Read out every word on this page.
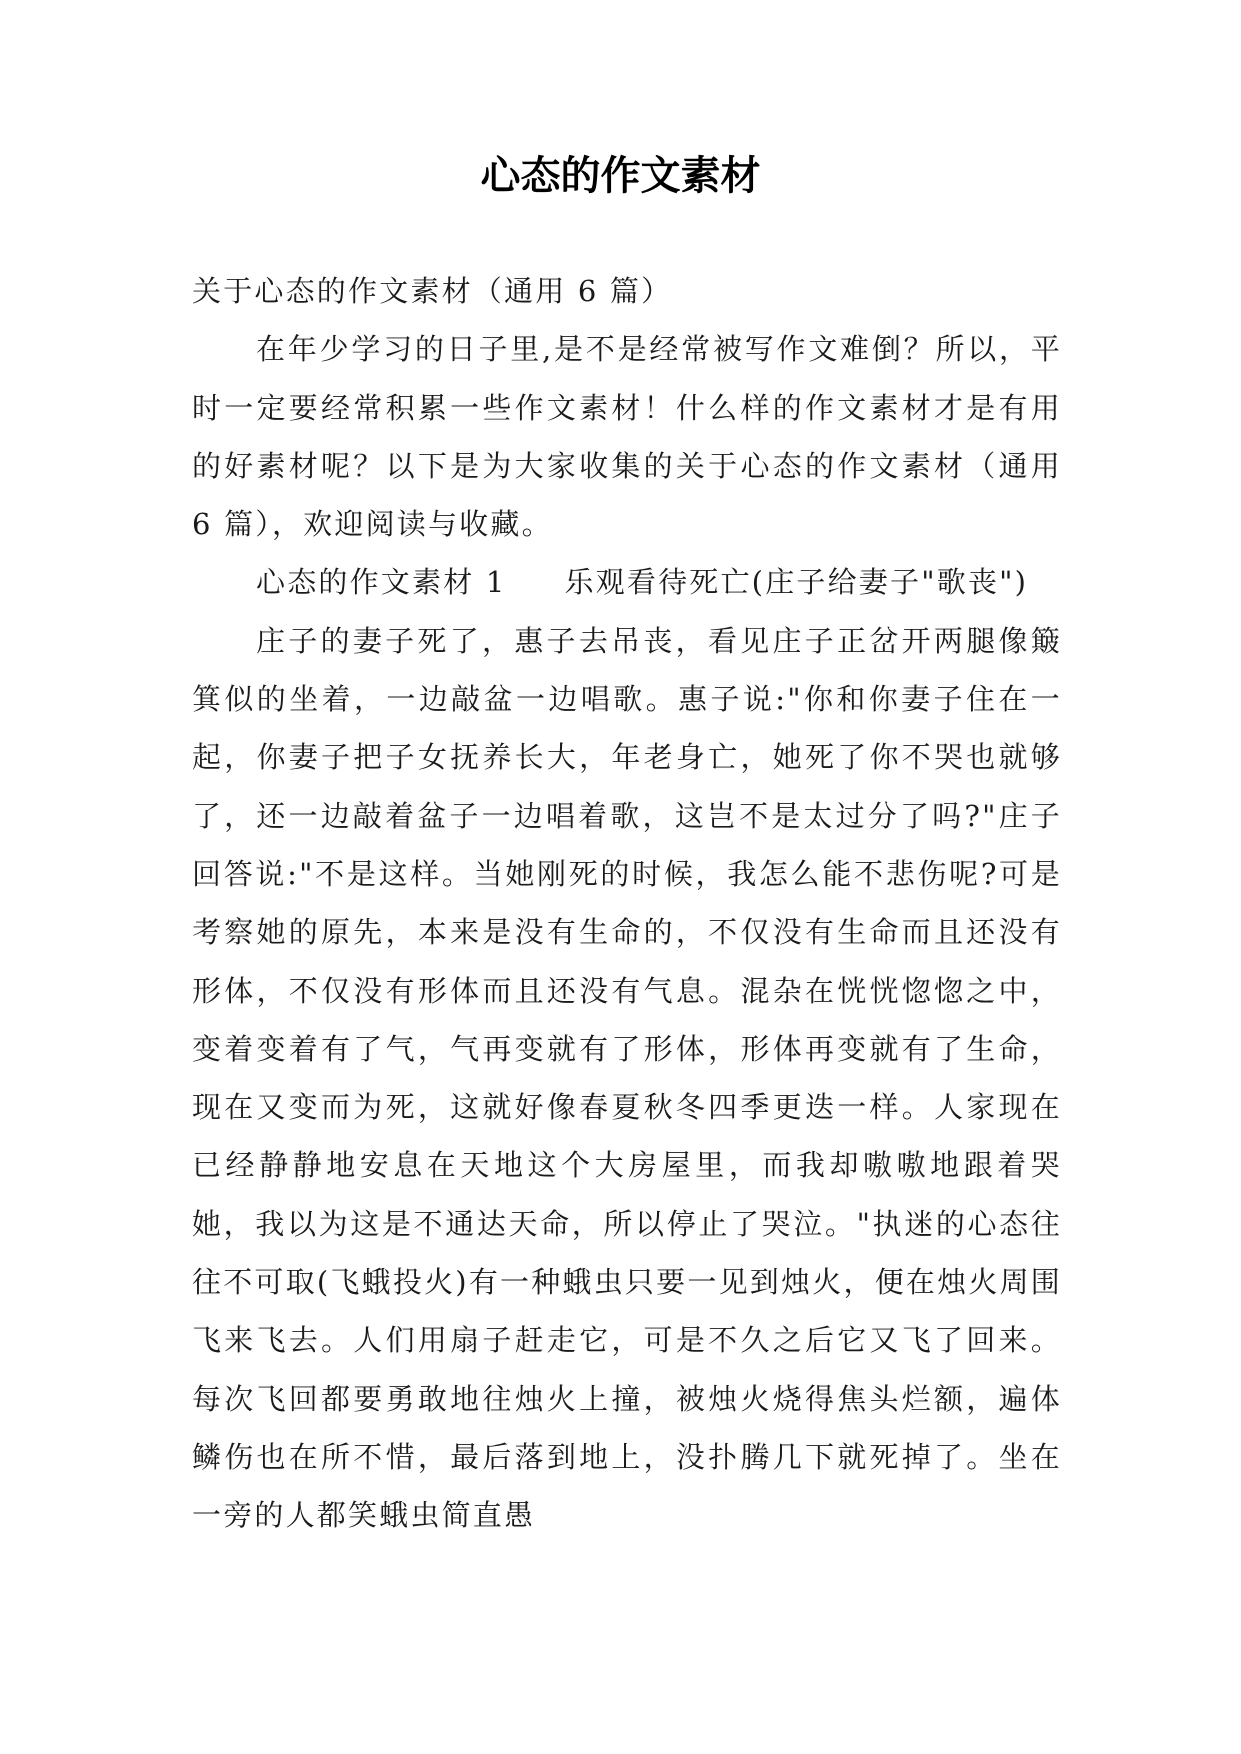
心态的作文素材

关于心态的作文素材（通用 6 篇）

在年少学习的日子里,是不是经常被写作文难倒？所以，平时一定要经常积累一些作文素材！什么样的作文素材才是有用的好素材呢？以下是为大家收集的关于心态的作文素材（通用 6 篇），欢迎阅读与收藏。

心态的作文素材 1 乐观看待死亡(庄子给妻子"歌丧")

庄子的妻子死了，惠子去吊丧，看见庄子正岔开两腿像簸箕似的坐着，一边敲盆一边唱歌。惠子说:"你和你妻子住在一起，你妻子把子女抚养长大，年老身亡，她死了你不哭也就够了，还一边敲着盆子一边唱着歌，这岂不是太过分了吗?"庄子回答说:"不是这样。当她刚死的时候，我怎么能不悲伤呢?可是考察她的原先，本来是没有生命的，不仅没有生命而且还没有形体，不仅没有形体而且还没有气息。混杂在恍恍惚惚之中，变着变着有了气，气再变就有了形体，形体再变就有了生命，现在又变而为死，这就好像春夏秋冬四季更迭一样。人家现在已经静静地安息在天地这个大房屋里，而我却嗷嗷地跟着哭她，我以为这是不通达天命，所以停止了哭泣。"执迷的心态往往不可取(飞蛾投火)有一种蛾虫只要一见到烛火，便在烛火周围飞来飞去。人们用扇子赶走它，可是不久之后它又飞了回来。每次飞回都要勇敢地往烛火上撞，被烛火烧得焦头烂额，遍体鳞伤也在所不惜，最后落到地上，没扑腾几下就死掉了。坐在一旁的人都笑蛾虫简直愚
